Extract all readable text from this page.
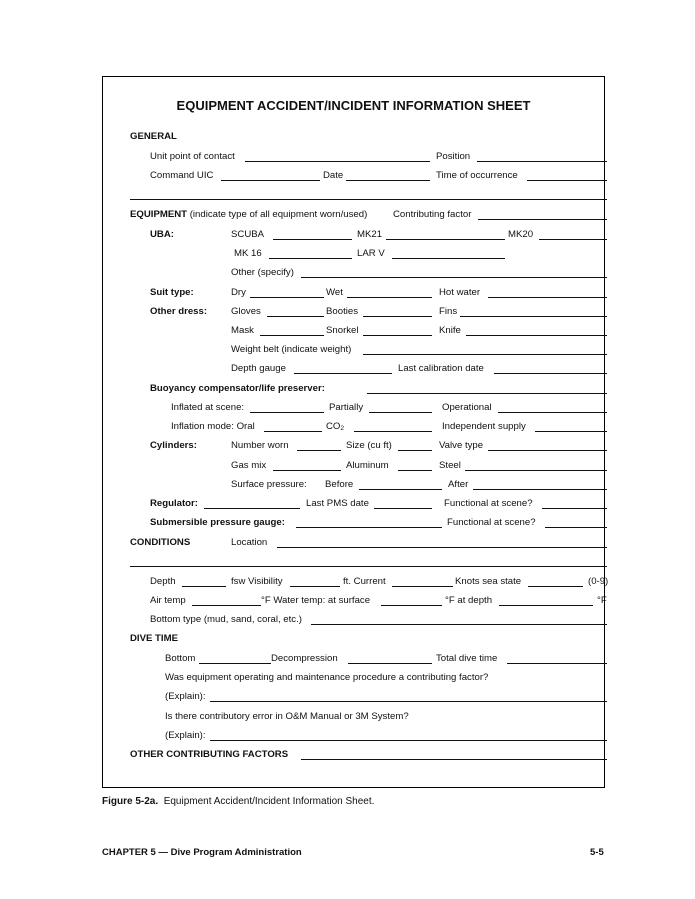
EQUIPMENT ACCIDENT/INCIDENT INFORMATION SHEET
GENERAL
Unit point of contact	Position
Command UIC	Date	Time of occurrence
EQUIPMENT (indicate type of all equipment worn/used)	Contributing factor
UBA:	SCUBA	MK21	MK20
MK 16	LAR V
Other (specify)
Suit type:	Dry	Wet	Hot water
Other dress: Gloves	Booties	Fins
Mask	Snorkel	Knife
Weight belt (indicate weight)
Depth gauge	Last calibration date
Buoyancy compensator/life preserver:
Inflated at scene:	Partially	Operational
Inflation mode: Oral	CO2	Independent supply
Cylinders:	Number worn	Size (cu ft)	Valve type
Gas mix	Aluminum	Steel
Surface pressure: Before	After
Regulator:	Last PMS date	Functional at scene?
Submersible pressure gauge:	Functional at scene?
CONDITIONS	Location
Depth	fsw Visibility	ft. Current	Knots sea state	(0-9)
Air temp	°F Water temp: at surface	°F at depth	°F
Bottom type (mud, sand, coral, etc.)
DIVE TIME
Bottom	Decompression	Total dive time
Was equipment operating and maintenance procedure a contributing factor?
(Explain):
Is there contributory error in O&M Manual or 3M System?
(Explain):
OTHER CONTRIBUTING FACTORS
Figure 5-2a. Equipment Accident/Incident Information Sheet.
CHAPTER 5 — Dive Program Administration	5-5
